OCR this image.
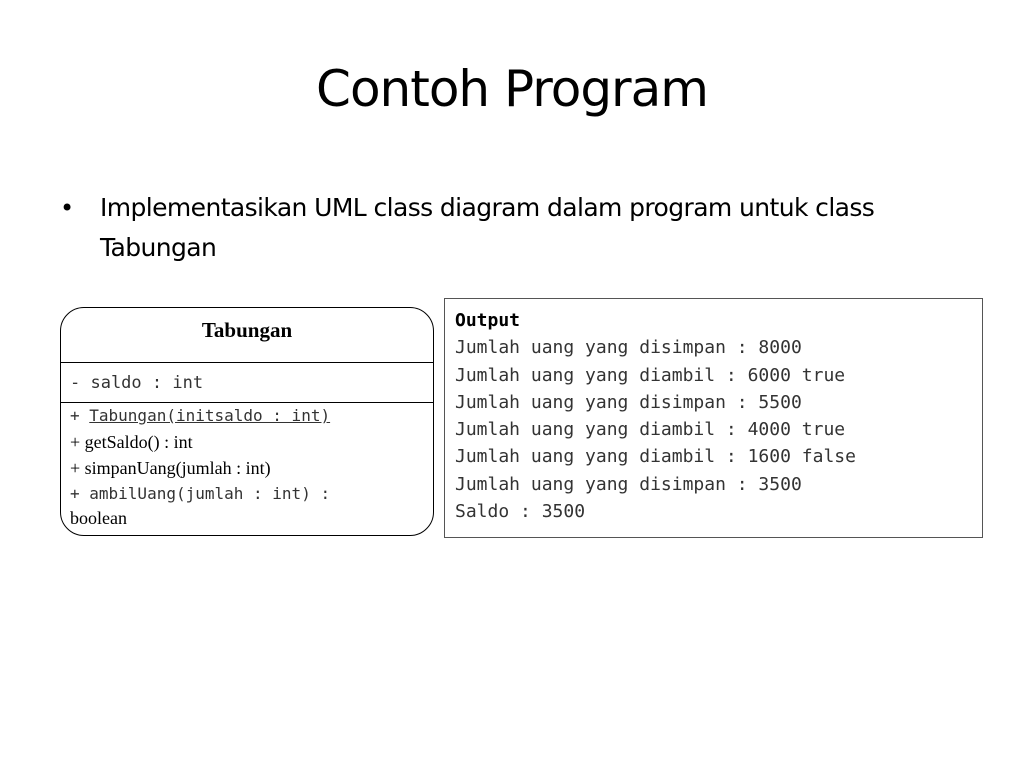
Contoh Program
• Implementasikan UML class diagram dalam program untuk class Tabungan
Tabungan
- saldo : int
+ Tabungan(initsaldo : int)
+ getSaldo() : int
+ simpanUang(jumlah : int)
+ ambilUang(jumlah : int) :
boolean
Output
Jumlah uang yang disimpan : 8000
Jumlah uang yang diambil : 6000 true
Jumlah uang yang disimpan : 5500
Jumlah uang yang diambil : 4000 true
Jumlah uang yang diambil : 1600 false
Jumlah uang yang disimpan : 3500
Saldo : 3500
